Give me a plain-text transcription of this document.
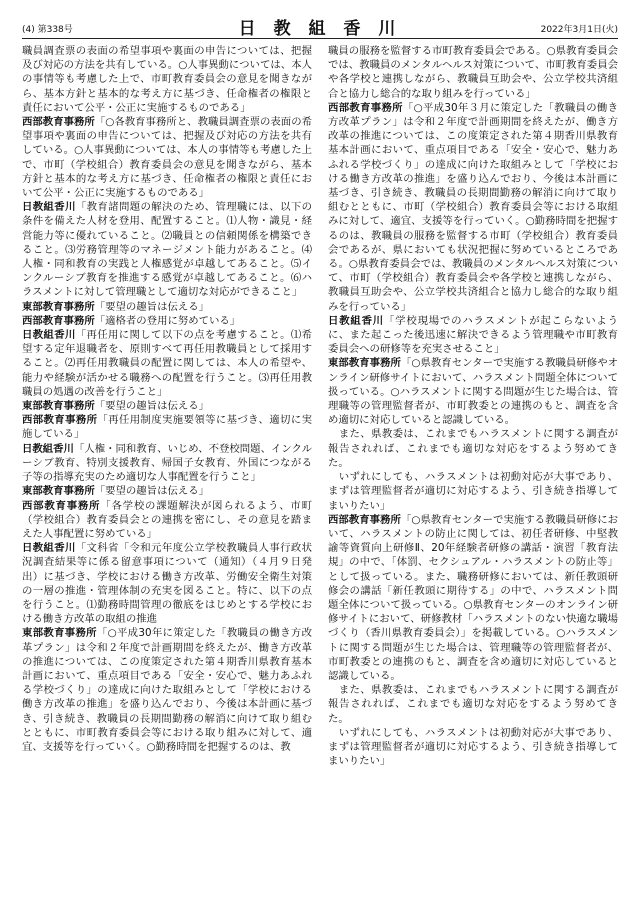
(4) 第338号	日 教 組 香 川	2022年3月1日(火)

職員調査票の表面の希望事項や裏面の申告については、把握及び対応の方法を共有している。○人事異動については、本人の事情等も考慮した上で、市町教育委員会の意見を聞きながら、基本方針と基本的な考え方に基づき、任命権者の権限と責任において公平・公正に実施するものである」

西部教育事務所「○各教育事務所と、教職員調査票の表面の希望事項や裏面の申告については、把握及び対応の方法を共有している。○人事異動については、本人の事情等も考慮した上で、市町（学校組合）教育委員会の意見を聞きながら、基本方針と基本的な考え方に基づき、任命権者の権限と責任において公平・公正に実施するものである」

日教組香川「教育諸問題の解決のため、管理職には、以下の条件を備えた人材を登用、配置すること。⑴人物・識見・経営能力等に優れていること。⑵職員との信頼関係を構築できること。⑶労務管理等のマネージメント能力があること。⑷人権・同和教育の実践と人権感覚が卓越してあること。⑸インクルーシブ教育を推進する感覚が卓越してあること。⑹ハラスメントに対して管理職として適切な対応ができること」

東部教育事務所「要望の趣旨は伝える」

西部教育事務所「適格者の登用に努めている」

日教組香川「再任用に関して以下の点を考慮すること。⑴希望する定年退職者を、原則すべて再任用教職員として採用すること。⑵再任用教職員の配置に関しては、本人の希望や、能力や経験が活かせる職務への配置を行うこと。⑶再任用教職員の処遇の改善を行うこと」

東部教育事務所「要望の趣旨は伝える」

西部教育事務所「再任用制度実施要領等に基づき、適切に実施している」

日教組香川「人権・同和教育、いじめ、不登校問題、インクルーシブ教育、特別支援教育、帰国子女教育、外国につながる子等の指導充実のため適切な人事配置を行うこと」

東部教育事務所「要望の趣旨は伝える」

西部教育事務所「各学校の課題解決が図られるよう、市町（学校組合）教育委員会との連携を密にし、その意見を踏まえた人事配置に努めている」

日教組香川「文科省「令和元年度公立学校教職員人事行政状況調査結果等に係る留意事項について（通知）（４月９日発出）に基づき、学校における働き方改革、労働安全衛生対策の一層の推進・管理体制の充実を図ること。特に、以下の点を行うこと。⑴勤務時間管理の徹底をはじめとする学校における働き方改革の取組の推進

東部教育事務所「○平成30年に策定した「教職員の働き方改革プラン」は令和２年度で計画期間を終えたが、働き方改革の推進については、この度策定された第４期香川県教育基本計画において、重点項目である「安全・安心で、魅力あふれる学校づくり」の達成に向けた取組みとして「学校における働き方改革の推進」を盛り込んでおり、今後は本計画に基づき、引き続き、教職員の長期間勤務の解消に向けて取り組むとともに、市町教育委員会等における取り組みに対して、適宜、支援等を行っていく。○勤務時間を把握するのは、教

職員の服務を監督する市町教育委員会である。○県教育委員会では、教職員のメンタルヘルス対策について、市町教育委員会や各学校と連携しながら、教職員互助会や、公立学校共済組合と協力し総合的な取り組みを行っている」

西部教育事務所「○平成30年３月に策定した「教職員の働き方改革プラン」は令和２年度で計画期間を終えたが、働き方改革の推進については、この度策定された第４期香川県教育基本計画において、重点項目である「安全・安心で、魅力あふれる学校づくり」の達成に向けた取組みとして「学校における働き方改革の推進」を盛り込んでおり、今後は本計画に基づき、引き続き、教職員の長期間勤務の解消に向けて取り組むとともに、市町（学校組合）教育委員会等における取組みに対して、適宜、支援等を行っていく。○勤務時間を把握するのは、教職員の服務を監督する市町（学校組合）教育委員会であるが、県においても状況把握に努めているところである。○県教育委員会では、教職員のメンタルヘルス対策について、市町（学校組合）教育委員会や各学校と連携しながら、教職員互助会や、公立学校共済組合と協力し総合的な取り組みを行っている」

日教組香川「学校現場でのハラスメントが起こらないように、また起こった後迅速に解決できるよう管理職や市町教育委員会への研修等を充実させること」

東部教育事務所「○県教育センターで実施する教職員研修やオンライン研修サイトにおいて、ハラスメント問題全体について扱っている。○ハラスメントに関する問題が生じた場合は、管理職等の管理監督者が、市町教委との連携のもと、調査を含め適切に対応していると認識している。

　また、県教委は、これまでもハラスメントに関する調査が報告されれば、これまでも適切な対応をするよう努めてきた。

　いずれにしても、ハラスメントは初動対応が大事であり、まずは管理監督者が適切に対応するよう、引き続き指導してまいりたい」

西部教育事務所「○県教育センターで実施する教職員研修において、ハラスメントの防止に関しては、初任者研修、中堅教諭等資質向上研修Ⅱ、20年経験者研修の講話・演習「教育法規」の中で、「体罰、セクシュアル・ハラスメントの防止等」として扱っている。また、職務研修においては、新任教頭研修会の講話「新任教頭に期待する」の中で、ハラスメント問題全体について扱っている。○県教育センターのオンライン研修サイトにおいて、研修教材「ハラスメントのない快適な職場づくり（香川県教育委員会）」を掲載している。○ハラスメントに関する問題が生じた場合は、管理職等の管理監督者が、市町教委との連携のもと、調査を含め適切に対応していると認識している。

　また、県教委は、これまでもハラスメントに関する調査が報告されれば、これまでも適切な対応をするよう努めてきた。

　いずれにしても、ハラスメントは初動対応が大事であり、まずは管理監督者が適切に対応するよう、引き続き指導してまいりたい」
